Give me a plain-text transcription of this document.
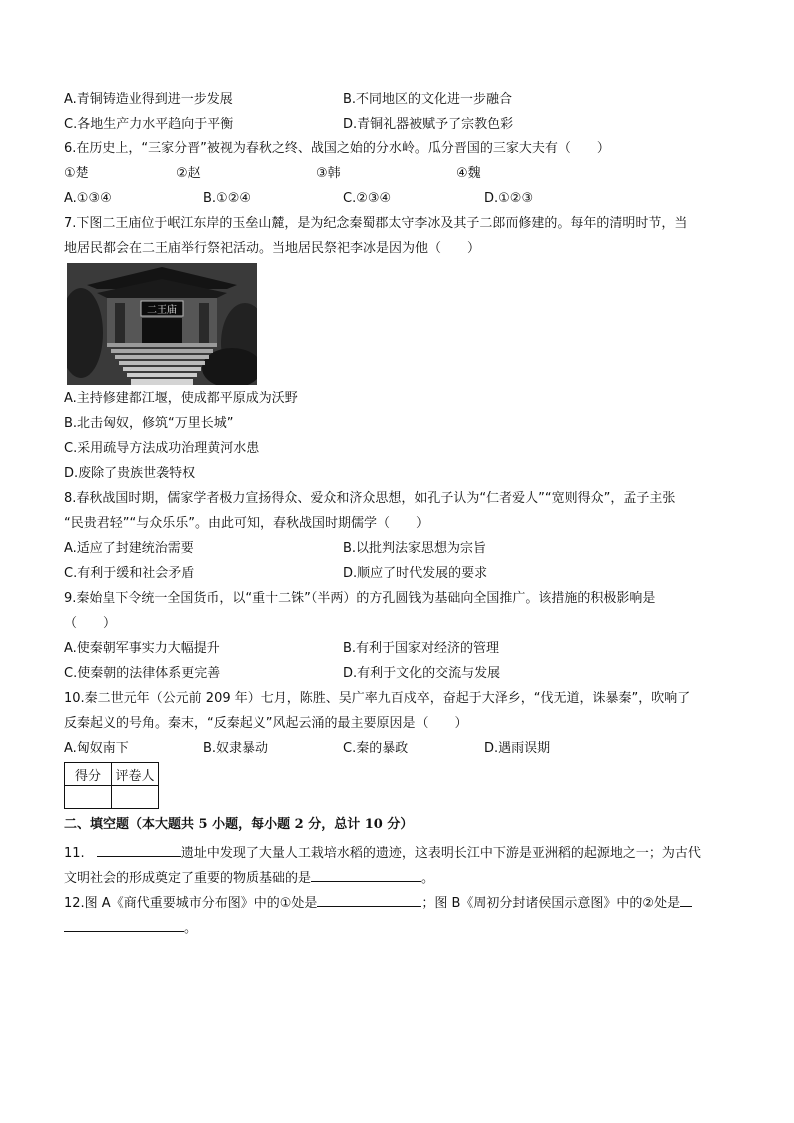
A.青铜铸造业得到进一步发展	B.不同地区的文化进一步融合
C.各地生产力水平趋向于平衡	D.青铜礼器被赋予了宗教色彩
6.在历史上，“三家分晋”被视为春秋之终、战国之始的分水岭。瓜分晋国的三家大夫有（　　）
①楚	②赵	③韩	④魏
A.①③④	B.①②④	C.②③④	D.①②③
7.下图二王庙位于岷江东岸的玉垒山麓，是为纪念秦蜀郡太守李冰及其子二郎而修建的。每年的清明时节，当
地居民都会在二王庙举行祭祀活动。当地居民祭祀李冰是因为他（　　）
二王庙
A.主持修建都江堰，使成都平原成为沃野
B.北击匈奴，修筑“万里长城”
C.采用疏导方法成功治理黄河水患
D.废除了贵族世袭特权
8.春秋战国时期，儒家学者极力宣扬得众、爱众和济众思想，如孔子认为“仁者爱人”“宽则得众”，孟子主张
“民贵君轻”“与众乐乐”。由此可知，春秋战国时期儒学（　　）
A.适应了封建统治需要	B.以批判法家思想为宗旨
C.有利于缓和社会矛盾	D.顺应了时代发展的要求
9.秦始皇下令统一全国货币，以“重十二铢”（半两）的方孔圆钱为基础向全国推广。该措施的积极影响是
（　　）
A.使秦朝军事实力大幅提升	B.有利于国家对经济的管理
C.使秦朝的法律体系更完善	D.有利于文化的交流与发展
10.秦二世元年（公元前 209 年）七月，陈胜、吴广率九百戍卒，奋起于大泽乡，“伐无道，诛暴秦”，吹响了
反秦起义的号角。秦末，“反秦起义”风起云涌的最主要原因是（　　）
A.匈奴南下	B.奴隶暴动	C.秦的暴政	D.遇雨误期
得分	评卷人

二、填空题（本大题共 5 小题，每小题 2 分，总计 10 分）
11.	遗址中发现了大量人工栽培水稻的遗迹，这表明长江中下游是亚洲稻的起源地之一；为古代
文明社会的形成奠定了重要的物质基础的是	。
12.图 A《商代重要城市分布图》中的①处是	；图 B《周初分封诸侯国示意图》中的②处是
。
